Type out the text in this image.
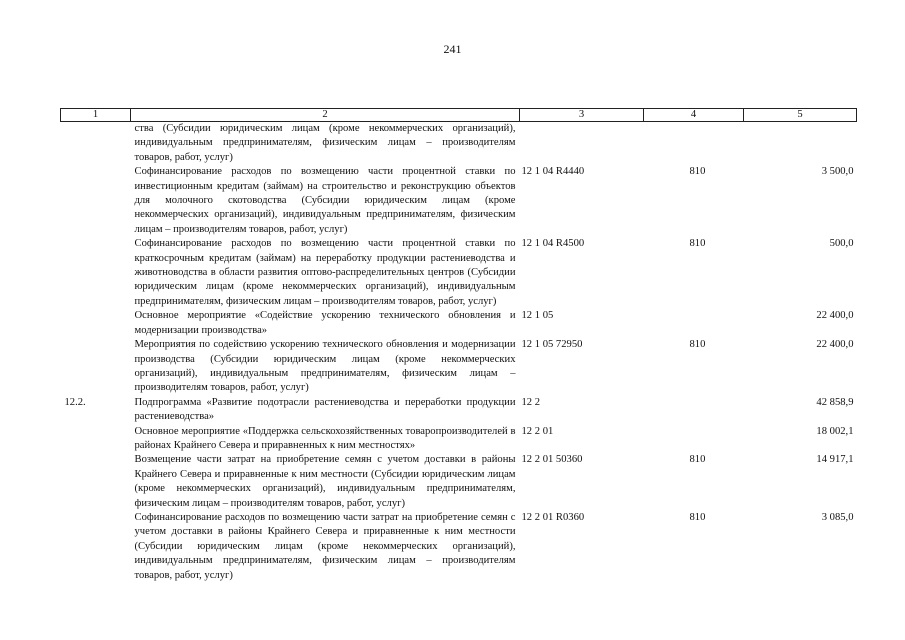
241
1	2	3	4	5
	ства (Субсидии юридическим лицам (кроме некоммерческих организаций), индивидуальным предпринимателям, физическим лицам – производителям товаров, работ, услуг)			
	Софинансирование расходов по возмещению части процентной ставки по инвестиционным кредитам (займам) на строительство и реконструкцию объектов для молочного скотоводства (Субсидии юридическим лицам (кроме некоммерческих организаций), индивидуальным предпринимателям, физическим лицам – производителям товаров, работ, услуг)	12 1 04 R4440	810	3 500,0
	Софинансирование расходов по возмещению части процентной ставки по краткосрочным кредитам (займам) на переработку продукции растениеводства и животноводства в области развития оптово-распределительных центров (Субсидии юридическим лицам (кроме некоммерческих организаций), индивидуальным предпринимателям, физическим лицам – производителям товаров, работ, услуг)	12 1 04 R4500	810	500,0
	Основное мероприятие «Содействие ускорению технического обновления и модернизации производства»	12 1 05		22 400,0
	Мероприятия по содействию ускорению технического обновления и модернизации производства (Субсидии юридическим лицам (кроме некоммерческих организаций), индивидуальным предпринимателям, физическим лицам – производителям товаров, работ, услуг)	12 1 05 72950	810	22 400,0
12.2.	Подпрограмма «Развитие подотрасли растениеводства и переработки продукции растениеводства»	12 2		42 858,9
	Основное мероприятие «Поддержка сельскохозяйственных товаропроизводителей в районах Крайнего Севера и приравненных к ним местностях»	12 2 01		18 002,1
	Возмещение части затрат на приобретение семян с учетом доставки в районы Крайнего Севера и приравненные к ним местности (Субсидии юридическим лицам (кроме некоммерческих организаций), индивидуальным предпринимателям, физическим лицам – производителям товаров, работ, услуг)	12 2 01 50360	810	14 917,1
	Софинансирование расходов по возмещению части затрат на приобретение семян с учетом доставки в районы Крайнего Севера и приравненные к ним местности (Субсидии юридическим лицам (кроме некоммерческих организаций), индивидуальным предпринимателям, физическим лицам – производителям товаров, работ, услуг)	12 2 01 R0360	810	3 085,0
